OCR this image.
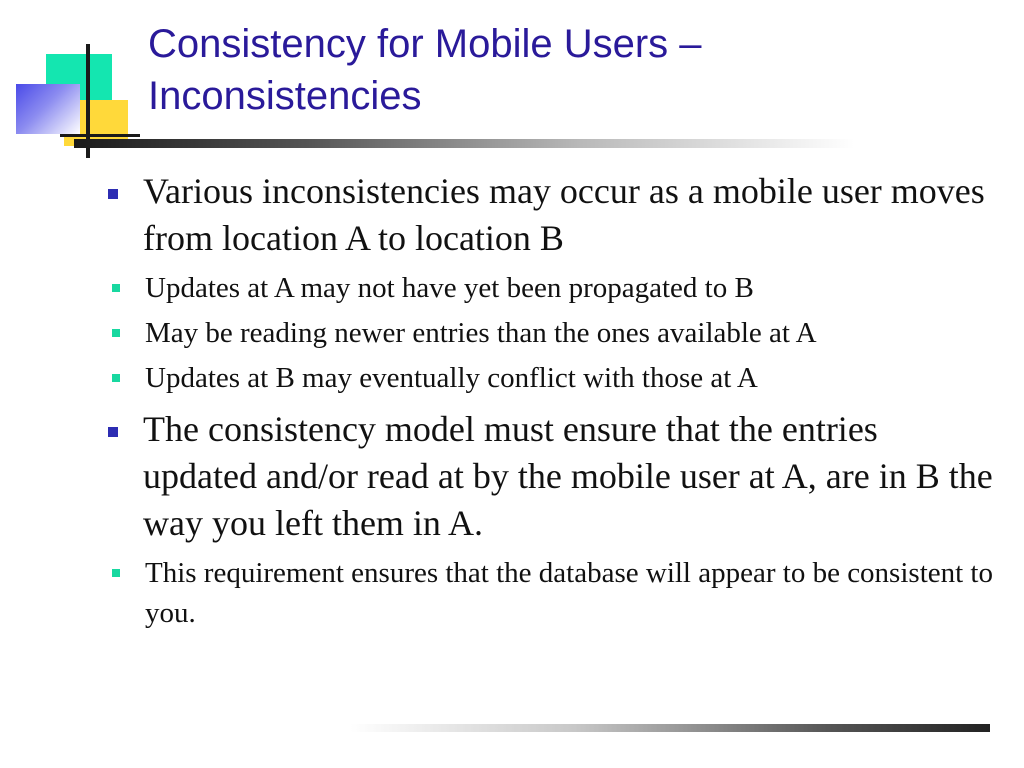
Consistency for Mobile Users –
Inconsistencies
Various inconsistencies may occur as a mobile user moves from location A to location B
Updates at A may not have yet been propagated to B
May be reading newer entries than the ones available at A
Updates at B may eventually conflict with those at A
The consistency model must ensure that the entries updated and/or read at by the mobile user at A, are in B the way you left them in A.
This requirement ensures that the database will appear to be consistent to you.
